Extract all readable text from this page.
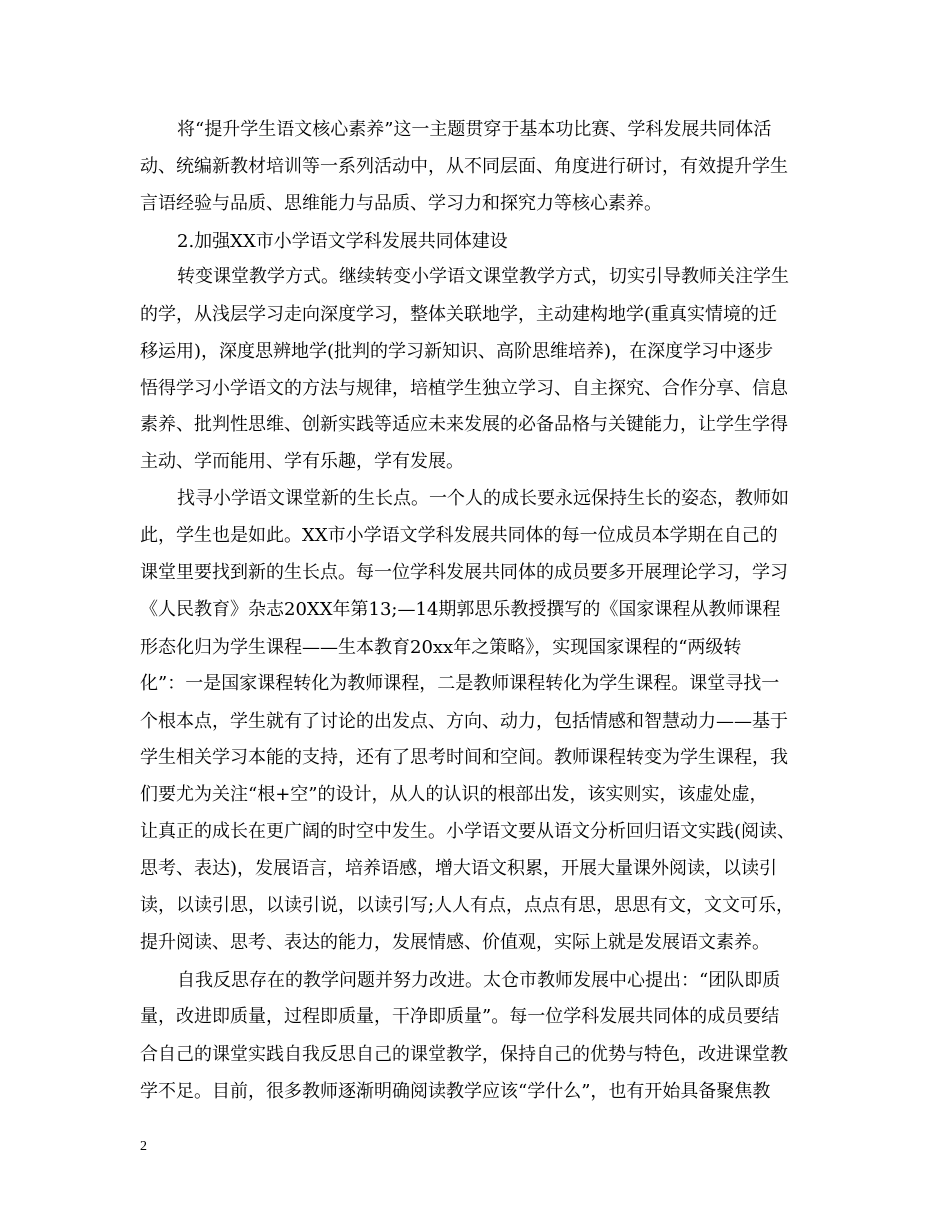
将“提升学生语文核心素养”这一主题贯穿于基本功比赛、学科发展共同体活
动、统编新教材培训等一系列活动中，从不同层面、角度进行研讨，有效提升学生
言语经验与品质、思维能力与品质、学习力和探究力等核心素养。
2.加强XX市小学语文学科发展共同体建设
转变课堂教学方式。继续转变小学语文课堂教学方式，切实引导教师关注学生
的学，从浅层学习走向深度学习，整体关联地学，主动建构地学(重真实情境的迁
移运用)，深度思辨地学(批判的学习新知识、高阶思维培养)，在深度学习中逐步
悟得学习小学语文的方法与规律，培植学生独立学习、自主探究、合作分享、信息
素养、批判性思维、创新实践等适应未来发展的必备品格与关键能力，让学生学得
主动、学而能用、学有乐趣，学有发展。
找寻小学语文课堂新的生长点。一个人的成长要永远保持生长的姿态，教师如
此，学生也是如此。XX市小学语文学科发展共同体的每一位成员本学期在自己的
课堂里要找到新的生长点。每一位学科发展共同体的成员要多开展理论学习，学习
《人民教育》杂志20XX年第13;—14期郭思乐教授撰写的《国家课程从教师课程
形态化归为学生课程——生本教育20xx年之策略》，实现国家课程的“两级转
化”：一是国家课程转化为教师课程，二是教师课程转化为学生课程。课堂寻找一
个根本点，学生就有了讨论的出发点、方向、动力，包括情感和智慧动力——基于
学生相关学习本能的支持，还有了思考时间和空间。教师课程转变为学生课程，我
们要尤为关注“根+空”的设计，从人的认识的根部出发，该实则实，该虚处虚，
让真正的成长在更广阔的时空中发生。小学语文要从语文分析回归语文实践(阅读、
思考、表达)，发展语言，培养语感，增大语文积累，开展大量课外阅读，以读引
读，以读引思，以读引说，以读引写;人人有点，点点有思，思思有文，文文可乐，
提升阅读、思考、表达的能力，发展情感、价值观，实际上就是发展语文素养。
自我反思存在的教学问题并努力改进。太仓市教师发展中心提出：“团队即质
量，改进即质量，过程即质量，干净即质量”。每一位学科发展共同体的成员要结
合自己的课堂实践自我反思自己的课堂教学，保持自己的优势与特色，改进课堂教
学不足。目前，很多教师逐渐明确阅读教学应该“学什么”，也有开始具备聚焦教
2
